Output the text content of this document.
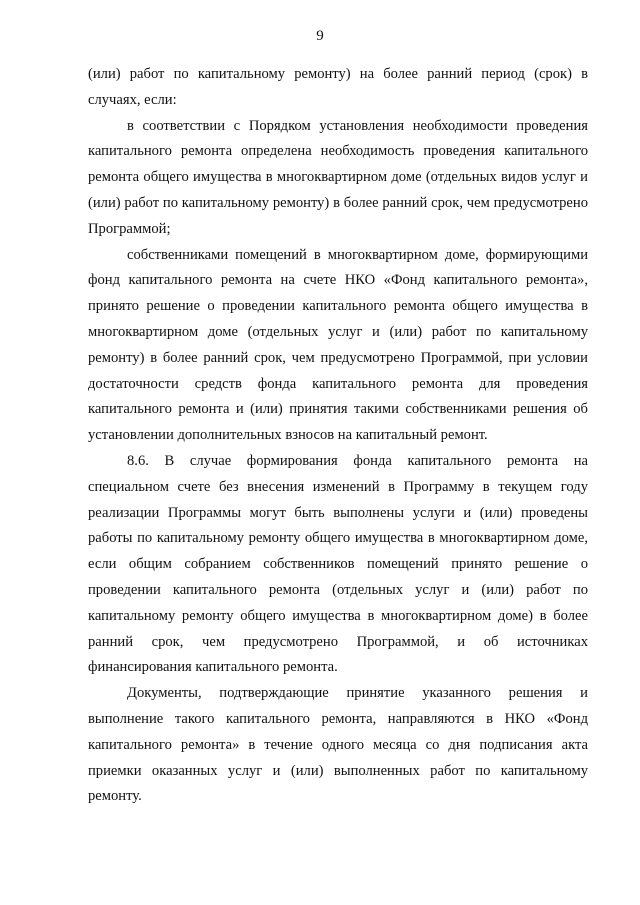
9

(или) работ по капитальному ремонту) на более ранний период (срок) в случаях, если:

в соответствии с Порядком установления необходимости проведения капитального ремонта определена необходимость проведения капитального ремонта общего имущества в многоквартирном доме (отдельных видов услуг и (или) работ по капитальному ремонту) в более ранний срок, чем предусмотрено Программой;

собственниками помещений в многоквартирном доме, формирующими фонд капитального ремонта на счете НКО «Фонд капитального ремонта», принято решение о проведении капитального ремонта общего имущества в многоквартирном доме (отдельных услуг и (или) работ по капитальному ремонту) в более ранний срок, чем предусмотрено Программой, при условии достаточности средств фонда капитального ремонта для проведения капитального ремонта и (или) принятия такими собственниками решения об установлении дополнительных взносов на капитальный ремонт.

8.6. В случае формирования фонда капитального ремонта на специальном счете без внесения изменений в Программу в текущем году реализации Программы могут быть выполнены услуги и (или) проведены работы по капитальному ремонту общего имущества в многоквартирном доме, если общим собранием собственников помещений принято решение о проведении капитального ремонта (отдельных услуг и (или) работ по капитальному ремонту общего имущества в многоквартирном доме) в более ранний срок, чем предусмотрено Программой, и об источниках финансирования капитального ремонта.

Документы, подтверждающие принятие указанного решения и выполнение такого капитального ремонта, направляются в НКО «Фонд капитального ремонта» в течение одного месяца со дня подписания акта приемки оказанных услуг и (или) выполненных работ по капитальному ремонту.
